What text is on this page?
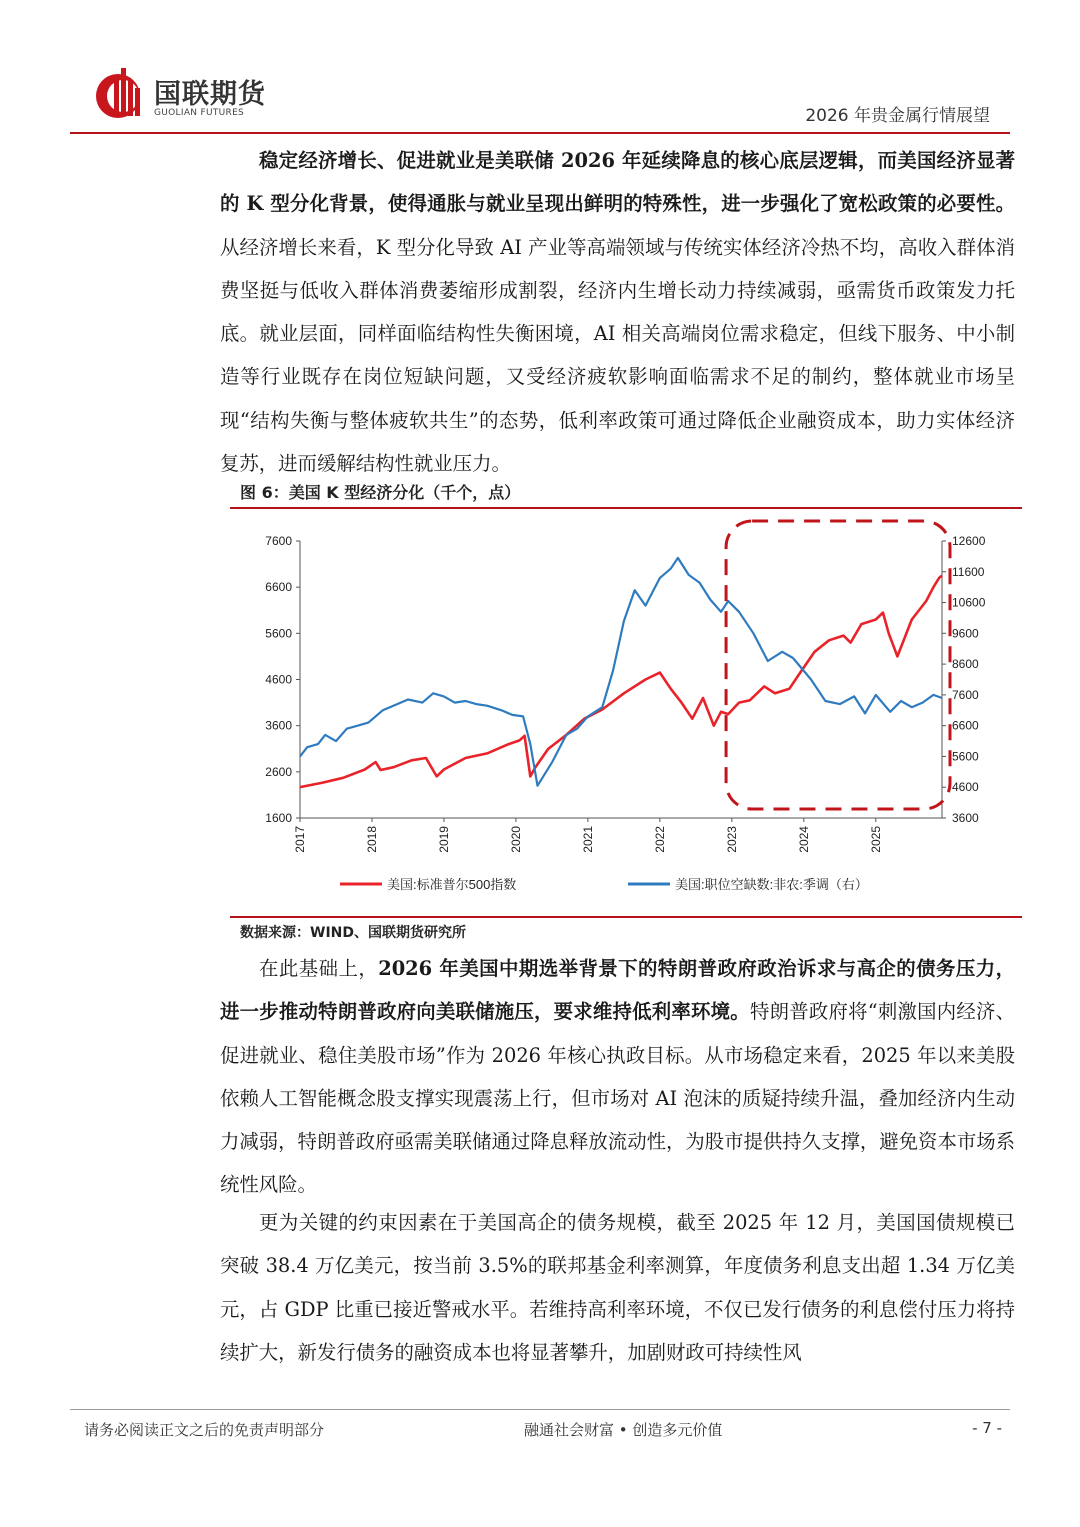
国联期货
GUOLIAN FUTURES	2026 年贵金属行情展望

稳定经济增长、促进就业是美联储 2026 年延续降息的核心底层逻辑，而美国经济显著的 K 型分化背景，使得通胀与就业呈现出鲜明的特殊性，进一步强化了宽松政策的必要性。从经济增长来看，K 型分化导致 AI 产业等高端领域与传统实体经济冷热不均，高收入群体消费坚挺与低收入群体消费萎缩形成割裂，经济内生增长动力持续减弱，亟需货币政策发力托底。就业层面，同样面临结构性失衡困境，AI 相关高端岗位需求稳定，但线下服务、中小制造等行业既存在岗位短缺问题，又受经济疲软影响面临需求不足的制约，整体就业市场呈现“结构失衡与整体疲软共生”的态势，低利率政策可通过降低企业融资成本，助力实体经济复苏，进而缓解结构性就业压力。

图 6：美国 K 型经济分化（千个，点）
1600
2600
3600
4600
5600
6600
7600
3600
4600
5600
6600
7600
8600
9600
10600
11600
12600
2017	2018	2019	2020	2021	2022	2023	2024	2025
美国:标准普尔500指数	美国:职位空缺数:非农:季调（右）
数据来源：WIND、国联期货研究所

在此基础上，2026 年美国中期选举背景下的特朗普政府政治诉求与高企的债务压力，进一步推动特朗普政府向美联储施压，要求维持低利率环境。特朗普政府将“刺激国内经济、促进就业、稳住美股市场”作为 2026 年核心执政目标。从市场稳定来看，2025 年以来美股依赖人工智能概念股支撑实现震荡上行，但市场对 AI 泡沫的质疑持续升温，叠加经济内生动力减弱，特朗普政府亟需美联储通过降息释放流动性，为股市提供持久支撑，避免资本市场系统性风险。

更为关键的约束因素在于美国高企的债务规模，截至 2025 年 12 月，美国国债规模已突破 38.4 万亿美元，按当前 3.5%的联邦基金利率测算，年度债务利息支出超 1.34 万亿美元，占 GDP 比重已接近警戒水平。若维持高利率环境，不仅已发行债务的利息偿付压力将持续扩大，新发行债务的融资成本也将显著攀升，加剧财政可持续性风

请务必阅读正文之后的免责声明部分	融通社会财富 • 创造多元价值	- 7 -
